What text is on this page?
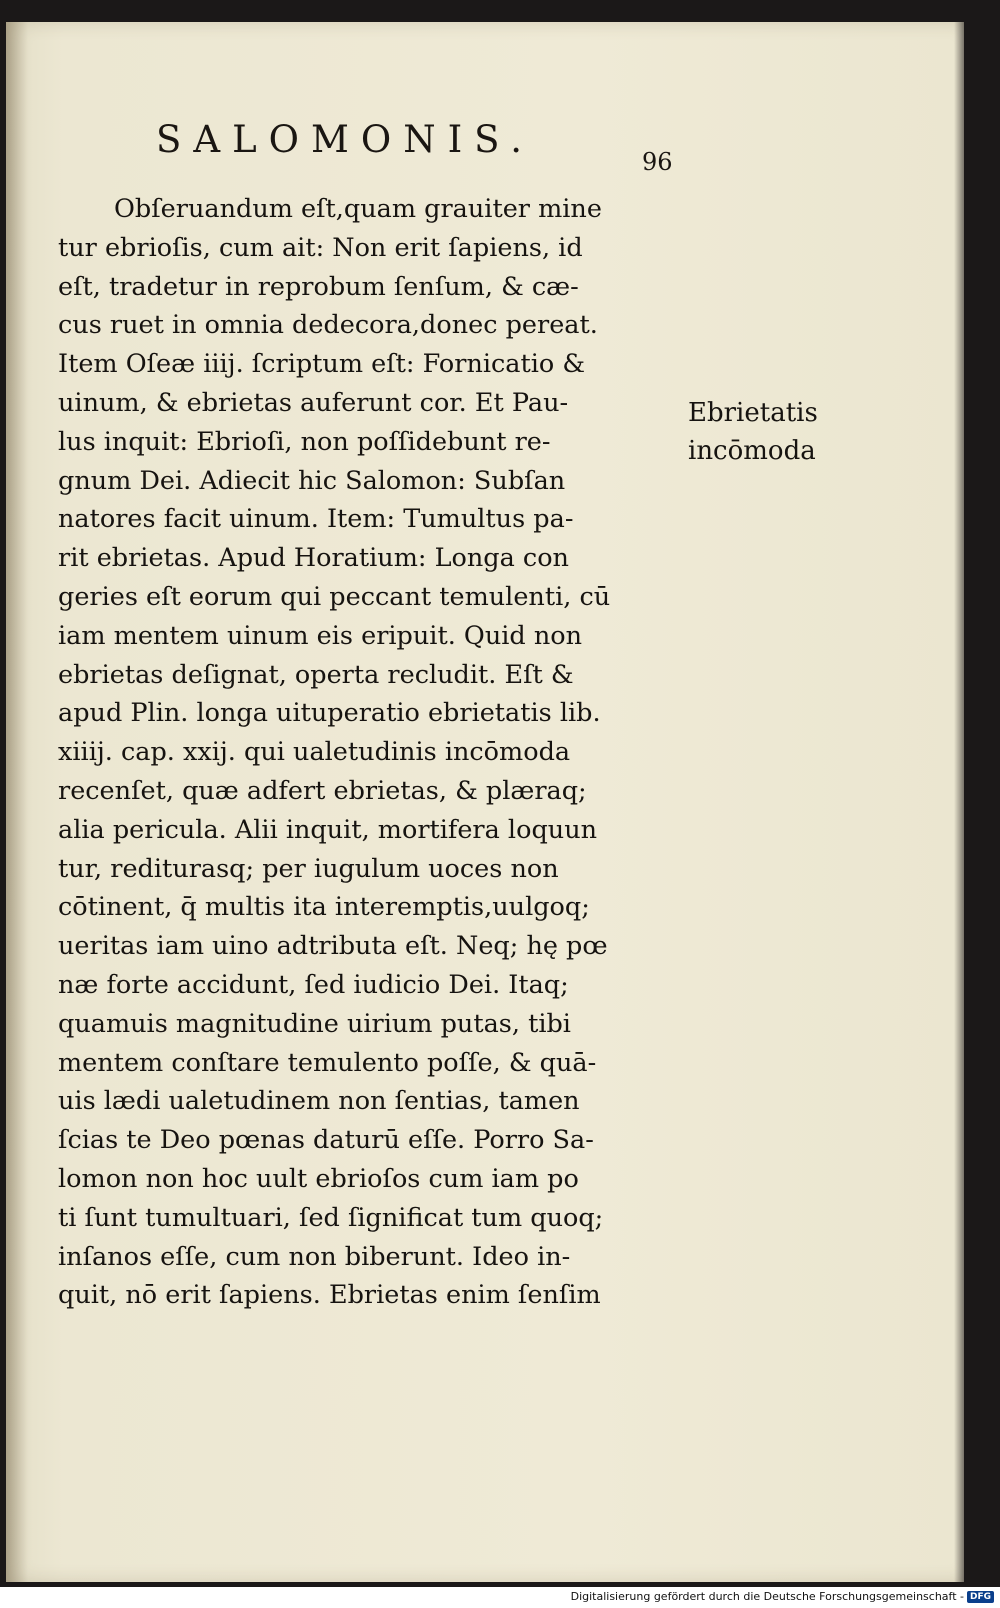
SALOMONIS.
96
Obſeruandum eſt,quam grauiter mine
tur ebrioſis, cum ait: Non erit ſapiens, id
eſt, tradetur in reprobum ſenſum, & cæ-
cus ruet in omnia dedecora,donec pereat.
Item Oſeæ iiij. ſcriptum eſt: Fornicatio &
uinum, & ebrietas auferunt cor. Et Pau-
lus inquit: Ebrioſi, non poſſidebunt re-
gnum Dei. Adiecit hic Salomon: Subſan
natores facit uinum. Item: Tumultus pa-
rit ebrietas. Apud Horatium: Longa con
geries eſt eorum qui peccant temulenti, cū
iam mentem uinum eis eripuit. Quid non
ebrietas deſignat, operta recludit. Eſt &
apud Plin. longa uituperatio ebrietatis lib.
xiiij. cap. xxij. qui ualetudinis incōmoda
recenſet, quæ adfert ebrietas, & plæraq;
alia pericula. Alii inquit, mortifera loquun
tur, rediturasq; per iugulum uoces non
cōtinent, q̄ multis ita interemptis,uulgoq;
ueritas iam uino adtributa eſt. Neq; hę pœ
næ forte accidunt, ſed iudicio Dei. Itaq;
quamuis magnitudine uirium putas, tibi
mentem conſtare temulento poſſe, & quā-
uis lædi ualetudinem non ſentias, tamen
ſcias te Deo pœnas daturū eſſe. Porro Sa-
lomon non hoc uult ebrioſos cum iam po
ti ſunt tumultuari, ſed ſignificat tum quoq;
inſanos eſſe, cum non biberunt. Ideo in-
quit, nō erit ſapiens. Ebrietas enim ſenſim
Ebrietatis
incōmoda
Digitalisierung gefördert durch die Deutsche Forschungsgemeinschaft - DFG
